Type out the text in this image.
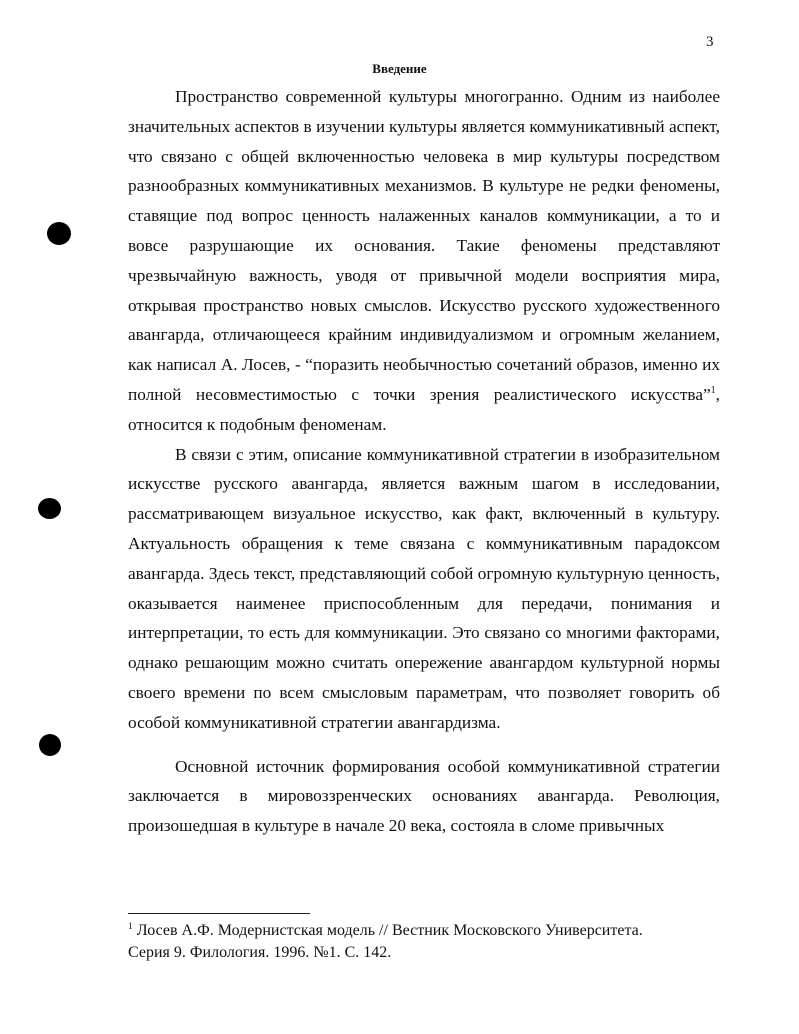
3
Введение

Пространство современной культуры многогранно. Одним из наиболее значительных аспектов в изучении культуры является коммуникативный аспект, что связано с общей включенностью человека в мир культуры посредством разнообразных коммуникативных механизмов. В культуре не редки феномены, ставящие под вопрос ценность налаженных каналов коммуникации, а то и вовсе разрушающие их основания. Такие феномены представляют чрезвычайную важность, уводя от привычной модели восприятия мира, открывая пространство новых смыслов. Искусство русского художественного авангарда, отличающееся крайним индивидуализмом и огромным желанием, как написал А. Лосев, - “поразить необычностью сочетаний образов, именно их полной несовместимостью с точки зрения реалистического искусства”$^1$, относится к подобным феноменам.

В связи с этим, описание коммуникативной стратегии в изобразительном искусстве русского авангарда, является важным шагом в исследовании, рассматривающем визуальное искусство, как факт, включенный в культуру. Актуальность обращения к теме связана с коммуникативным парадоксом авангарда. Здесь текст, представляющий собой огромную культурную ценность, оказывается наименее приспособленным для передачи, понимания и интерпретации, то есть для коммуникации. Это связано со многими факторами, однако решающим можно считать опережение авангардом культурной нормы своего времени по всем смысловым параметрам, что позволяет говорить об особой коммуникативной стратегии авангардизма.

Основной источник формирования особой коммуникативной стратегии заключается в мировоззренческих основаниях авангарда. Революция, произошедшая в культуре в начале 20 века, состояла в сломе привычных

$^1$ Лосев А.Ф. Модернистская модель // Вестник Московского Университета.
Серия 9. Филология. 1996. №1. С. 142.
